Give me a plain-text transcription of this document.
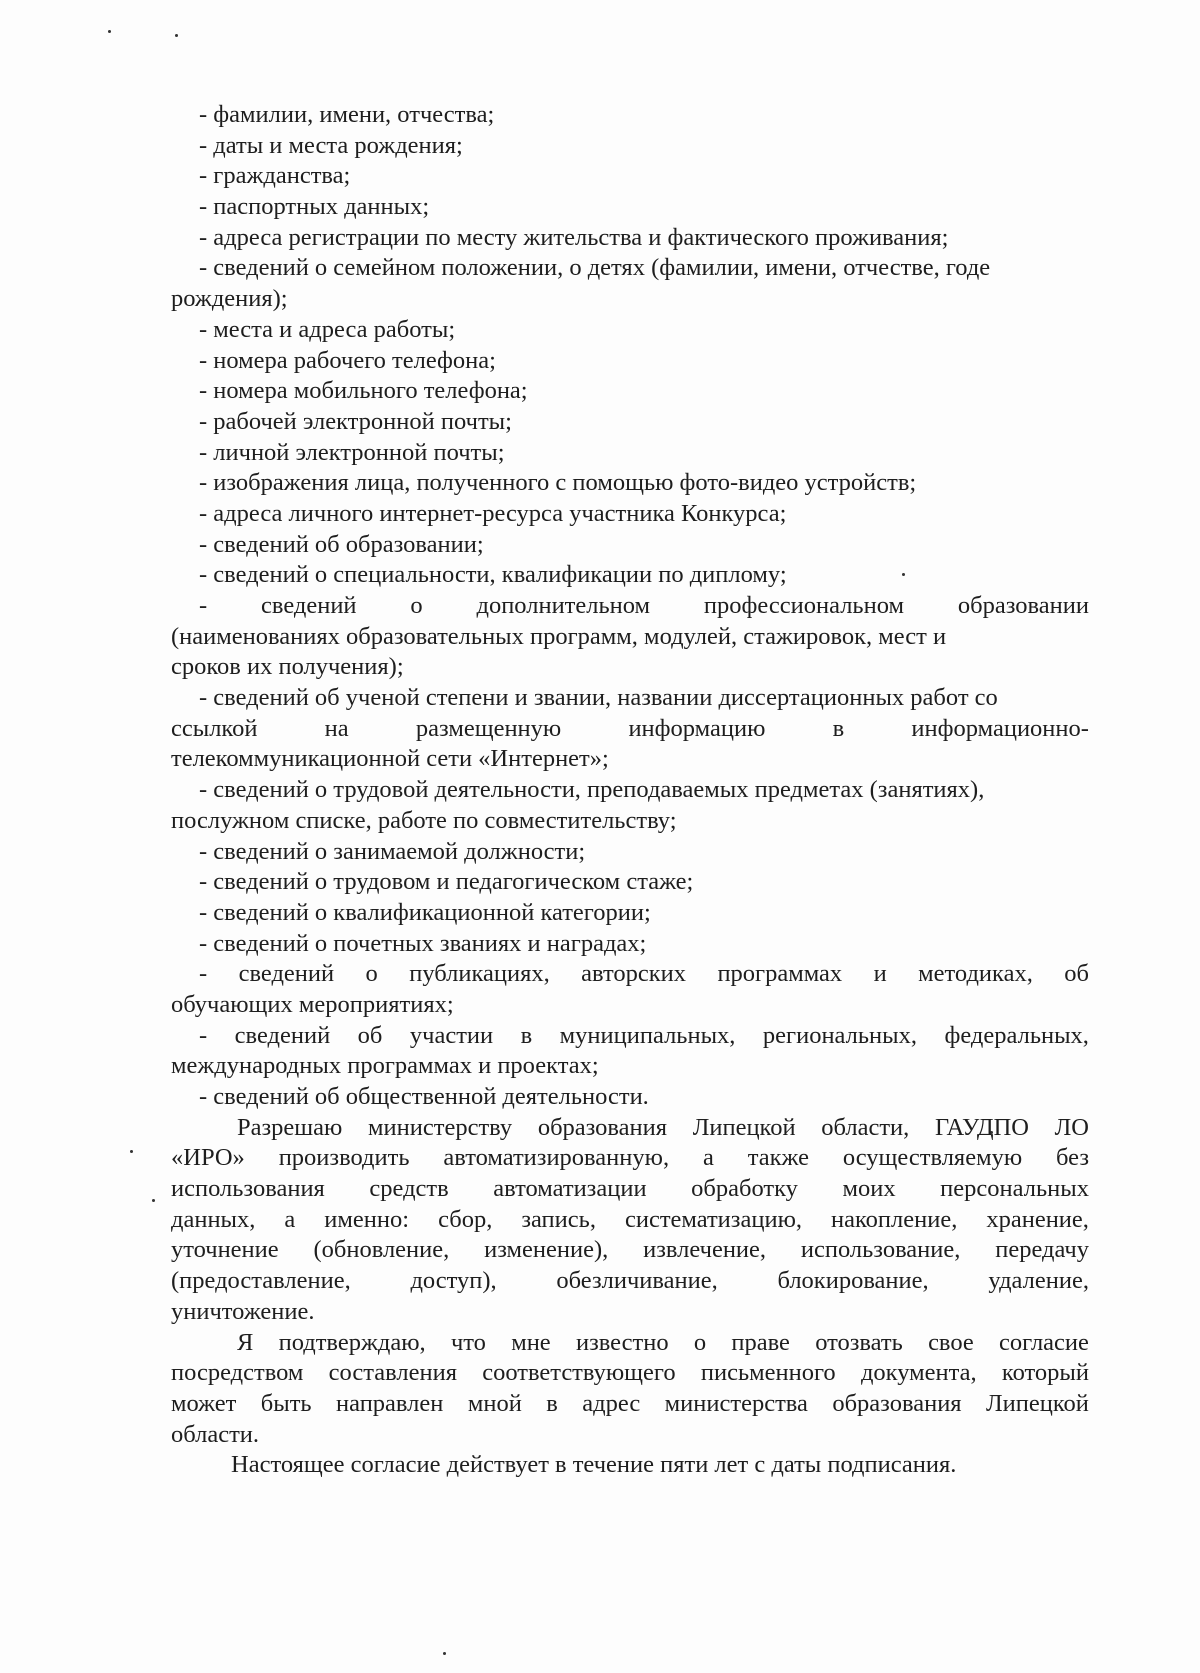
- фамилии, имени, отчества;
- даты и места рождения;
- гражданства;
- паспортных данных;
- адреса регистрации по месту жительства и фактического проживания;
- сведений о семейном положении, о детях (фамилии, имени, отчестве, годе
рождения);
- места и адреса работы;
- номера рабочего телефона;
- номера мобильного телефона;
- рабочей электронной почты;
- личной электронной почты;
- изображения лица, полученного с помощью фото-видео устройств;
- адреса личного интернет-ресурса участника Конкурса;
- сведений об образовании;
- сведений о специальности, квалификации по диплому;
- сведений о дополнительном профессиональном образовании
(наименованиях образовательных программ, модулей, стажировок, мест и
сроков их получения);
- сведений об ученой степени и звании, названии диссертационных работ со
ссылкой	на	размещенную	информацию	в	информационно-
телекоммуникационной сети «Интернет»;
- сведений о трудовой деятельности, преподаваемых предметах (занятиях),
послужном списке, работе по совместительству;
- сведений о занимаемой должности;
- сведений о трудовом и педагогическом стаже;
- сведений о квалификационной категории;
- сведений о почетных званиях и наградах;
- сведений о публикациях, авторских программах и методиках, об
обучающих мероприятиях;
- сведений об участии в муниципальных, региональных, федеральных,
международных программах и проектах;
- сведений об общественной деятельности.
Разрешаю министерству образования Липецкой области, ГАУДПО ЛО
«ИРО» производить автоматизированную, а также осуществляемую без
использования средств автоматизации обработку моих персональных
данных, а именно: сбор, запись, систематизацию, накопление, хранение,
уточнение (обновление, изменение), извлечение, использование, передачу
(предоставление, доступ), обезличивание, блокирование, удаление,
уничтожение.
Я подтверждаю, что мне известно о праве отозвать свое согласие
посредством составления соответствующего письменного документа, который
может быть направлен мной в адрес министерства образования Липецкой
области.
Настоящее согласие действует в течение пяти лет с даты подписания.
